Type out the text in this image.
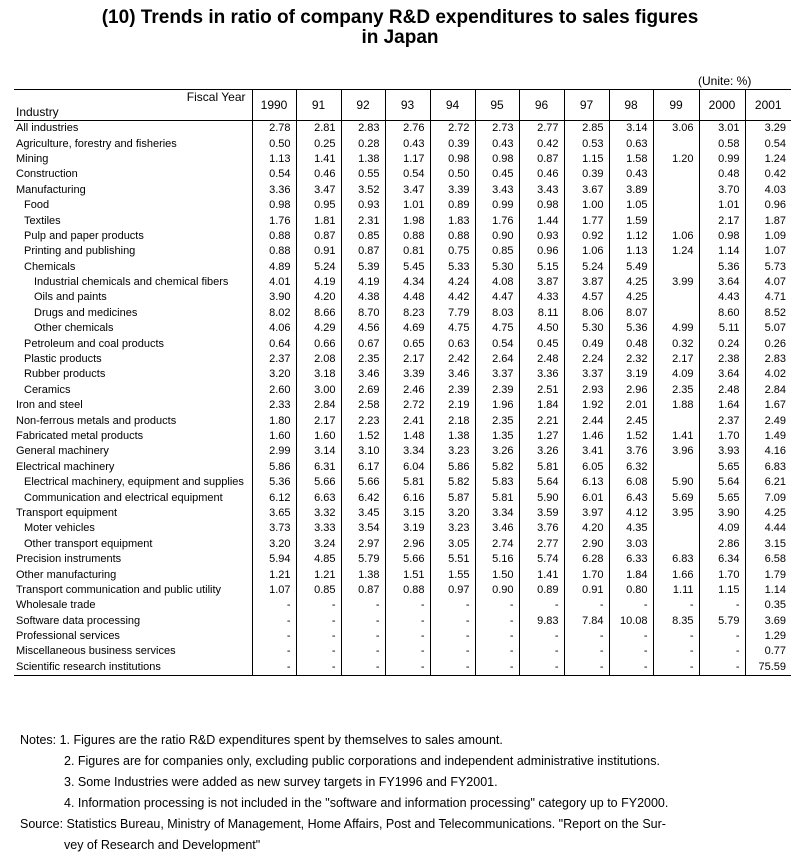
(10) Trends in ratio of company R&D expenditures to sales figures
in Japan
(Unite: %)
Fiscal Year
Industry	1990	91	92	93	94	95	96	97	98	99	2000	2001
All industries	2.78	2.81	2.83	2.76	2.72	2.73	2.77	2.85	3.14	3.06	3.01	3.29
Agriculture, forestry and fisheries	0.50	0.25	0.28	0.43	0.39	0.43	0.42	0.53	0.63		0.58	0.54
Mining	1.13	1.41	1.38	1.17	0.98	0.98	0.87	1.15	1.58	1.20	0.99	1.24
Construction	0.54	0.46	0.55	0.54	0.50	0.45	0.46	0.39	0.43		0.48	0.42
Manufacturing	3.36	3.47	3.52	3.47	3.39	3.43	3.43	3.67	3.89		3.70	4.03
Food	0.98	0.95	0.93	1.01	0.89	0.99	0.98	1.00	1.05		1.01	0.96
Textiles	1.76	1.81	2.31	1.98	1.83	1.76	1.44	1.77	1.59		2.17	1.87
Pulp and paper products	0.88	0.87	0.85	0.88	0.88	0.90	0.93	0.92	1.12	1.06	0.98	1.09
Printing and publishing	0.88	0.91	0.87	0.81	0.75	0.85	0.96	1.06	1.13	1.24	1.14	1.07
Chemicals	4.89	5.24	5.39	5.45	5.33	5.30	5.15	5.24	5.49		5.36	5.73
Industrial chemicals and chemical fibers	4.01	4.19	4.19	4.34	4.24	4.08	3.87	3.87	4.25	3.99	3.64	4.07
Oils and paints	3.90	4.20	4.38	4.48	4.42	4.47	4.33	4.57	4.25		4.43	4.71
Drugs and medicines	8.02	8.66	8.70	8.23	7.79	8.03	8.11	8.06	8.07		8.60	8.52
Other chemicals	4.06	4.29	4.56	4.69	4.75	4.75	4.50	5.30	5.36	4.99	5.11	5.07
Petroleum and coal products	0.64	0.66	0.67	0.65	0.63	0.54	0.45	0.49	0.48	0.32	0.24	0.26
Plastic products	2.37	2.08	2.35	2.17	2.42	2.64	2.48	2.24	2.32	2.17	2.38	2.83
Rubber products	3.20	3.18	3.46	3.39	3.46	3.37	3.36	3.37	3.19	4.09	3.64	4.02
Ceramics	2.60	3.00	2.69	2.46	2.39	2.39	2.51	2.93	2.96	2.35	2.48	2.84
Iron and steel	2.33	2.84	2.58	2.72	2.19	1.96	1.84	1.92	2.01	1.88	1.64	1.67
Non-ferrous metals and products	1.80	2.17	2.23	2.41	2.18	2.35	2.21	2.44	2.45		2.37	2.49
Fabricated metal products	1.60	1.60	1.52	1.48	1.38	1.35	1.27	1.46	1.52	1.41	1.70	1.49
General machinery	2.99	3.14	3.10	3.34	3.23	3.26	3.26	3.41	3.76	3.96	3.93	4.16
Electrical machinery	5.86	6.31	6.17	6.04	5.86	5.82	5.81	6.05	6.32		5.65	6.83
Electrical machinery, equipment and supplies	5.36	5.66	5.66	5.81	5.82	5.83	5.64	6.13	6.08	5.90	5.64	6.21
Communication and electrical equipment	6.12	6.63	6.42	6.16	5.87	5.81	5.90	6.01	6.43	5.69	5.65	7.09
Transport equipment	3.65	3.32	3.45	3.15	3.20	3.34	3.59	3.97	4.12	3.95	3.90	4.25
Moter vehicles	3.73	3.33	3.54	3.19	3.23	3.46	3.76	4.20	4.35		4.09	4.44
Other transport equipment	3.20	3.24	2.97	2.96	3.05	2.74	2.77	2.90	3.03		2.86	3.15
Precision instruments	5.94	4.85	5.79	5.66	5.51	5.16	5.74	6.28	6.33	6.83	6.34	6.58
Other manufacturing	1.21	1.21	1.38	1.51	1.55	1.50	1.41	1.70	1.84	1.66	1.70	1.79
Transport communication and public utility	1.07	0.85	0.87	0.88	0.97	0.90	0.89	0.91	0.80	1.11	1.15	1.14
Wholesale trade	-	-	-	-	-	-	-	-	-	-	-	0.35
Software data processing	-	-	-	-	-	-	9.83	7.84	10.08	8.35	5.79	3.69
Professional services	-	-	-	-	-	-	-	-	-	-	-	1.29
Miscellaneous business services	-	-	-	-	-	-	-	-	-	-	-	0.77
Scientific research institutions	-	-	-	-	-	-	-	-	-	-	-	75.59
Notes: 1. Figures are the ratio R&D expenditures spent by themselves to sales amount.
2. Figures are for companies only, excluding public corporations and independent administrative institutions.
3. Some Industries were added as new survey targets in FY1996 and FY2001.
4. Information processing is not included in the "software and information processing" category up to FY2000.
Source: Statistics Bureau, Ministry of Management, Home Affairs, Post and Telecommunications. "Report on the Sur-
vey of Research and Development"
